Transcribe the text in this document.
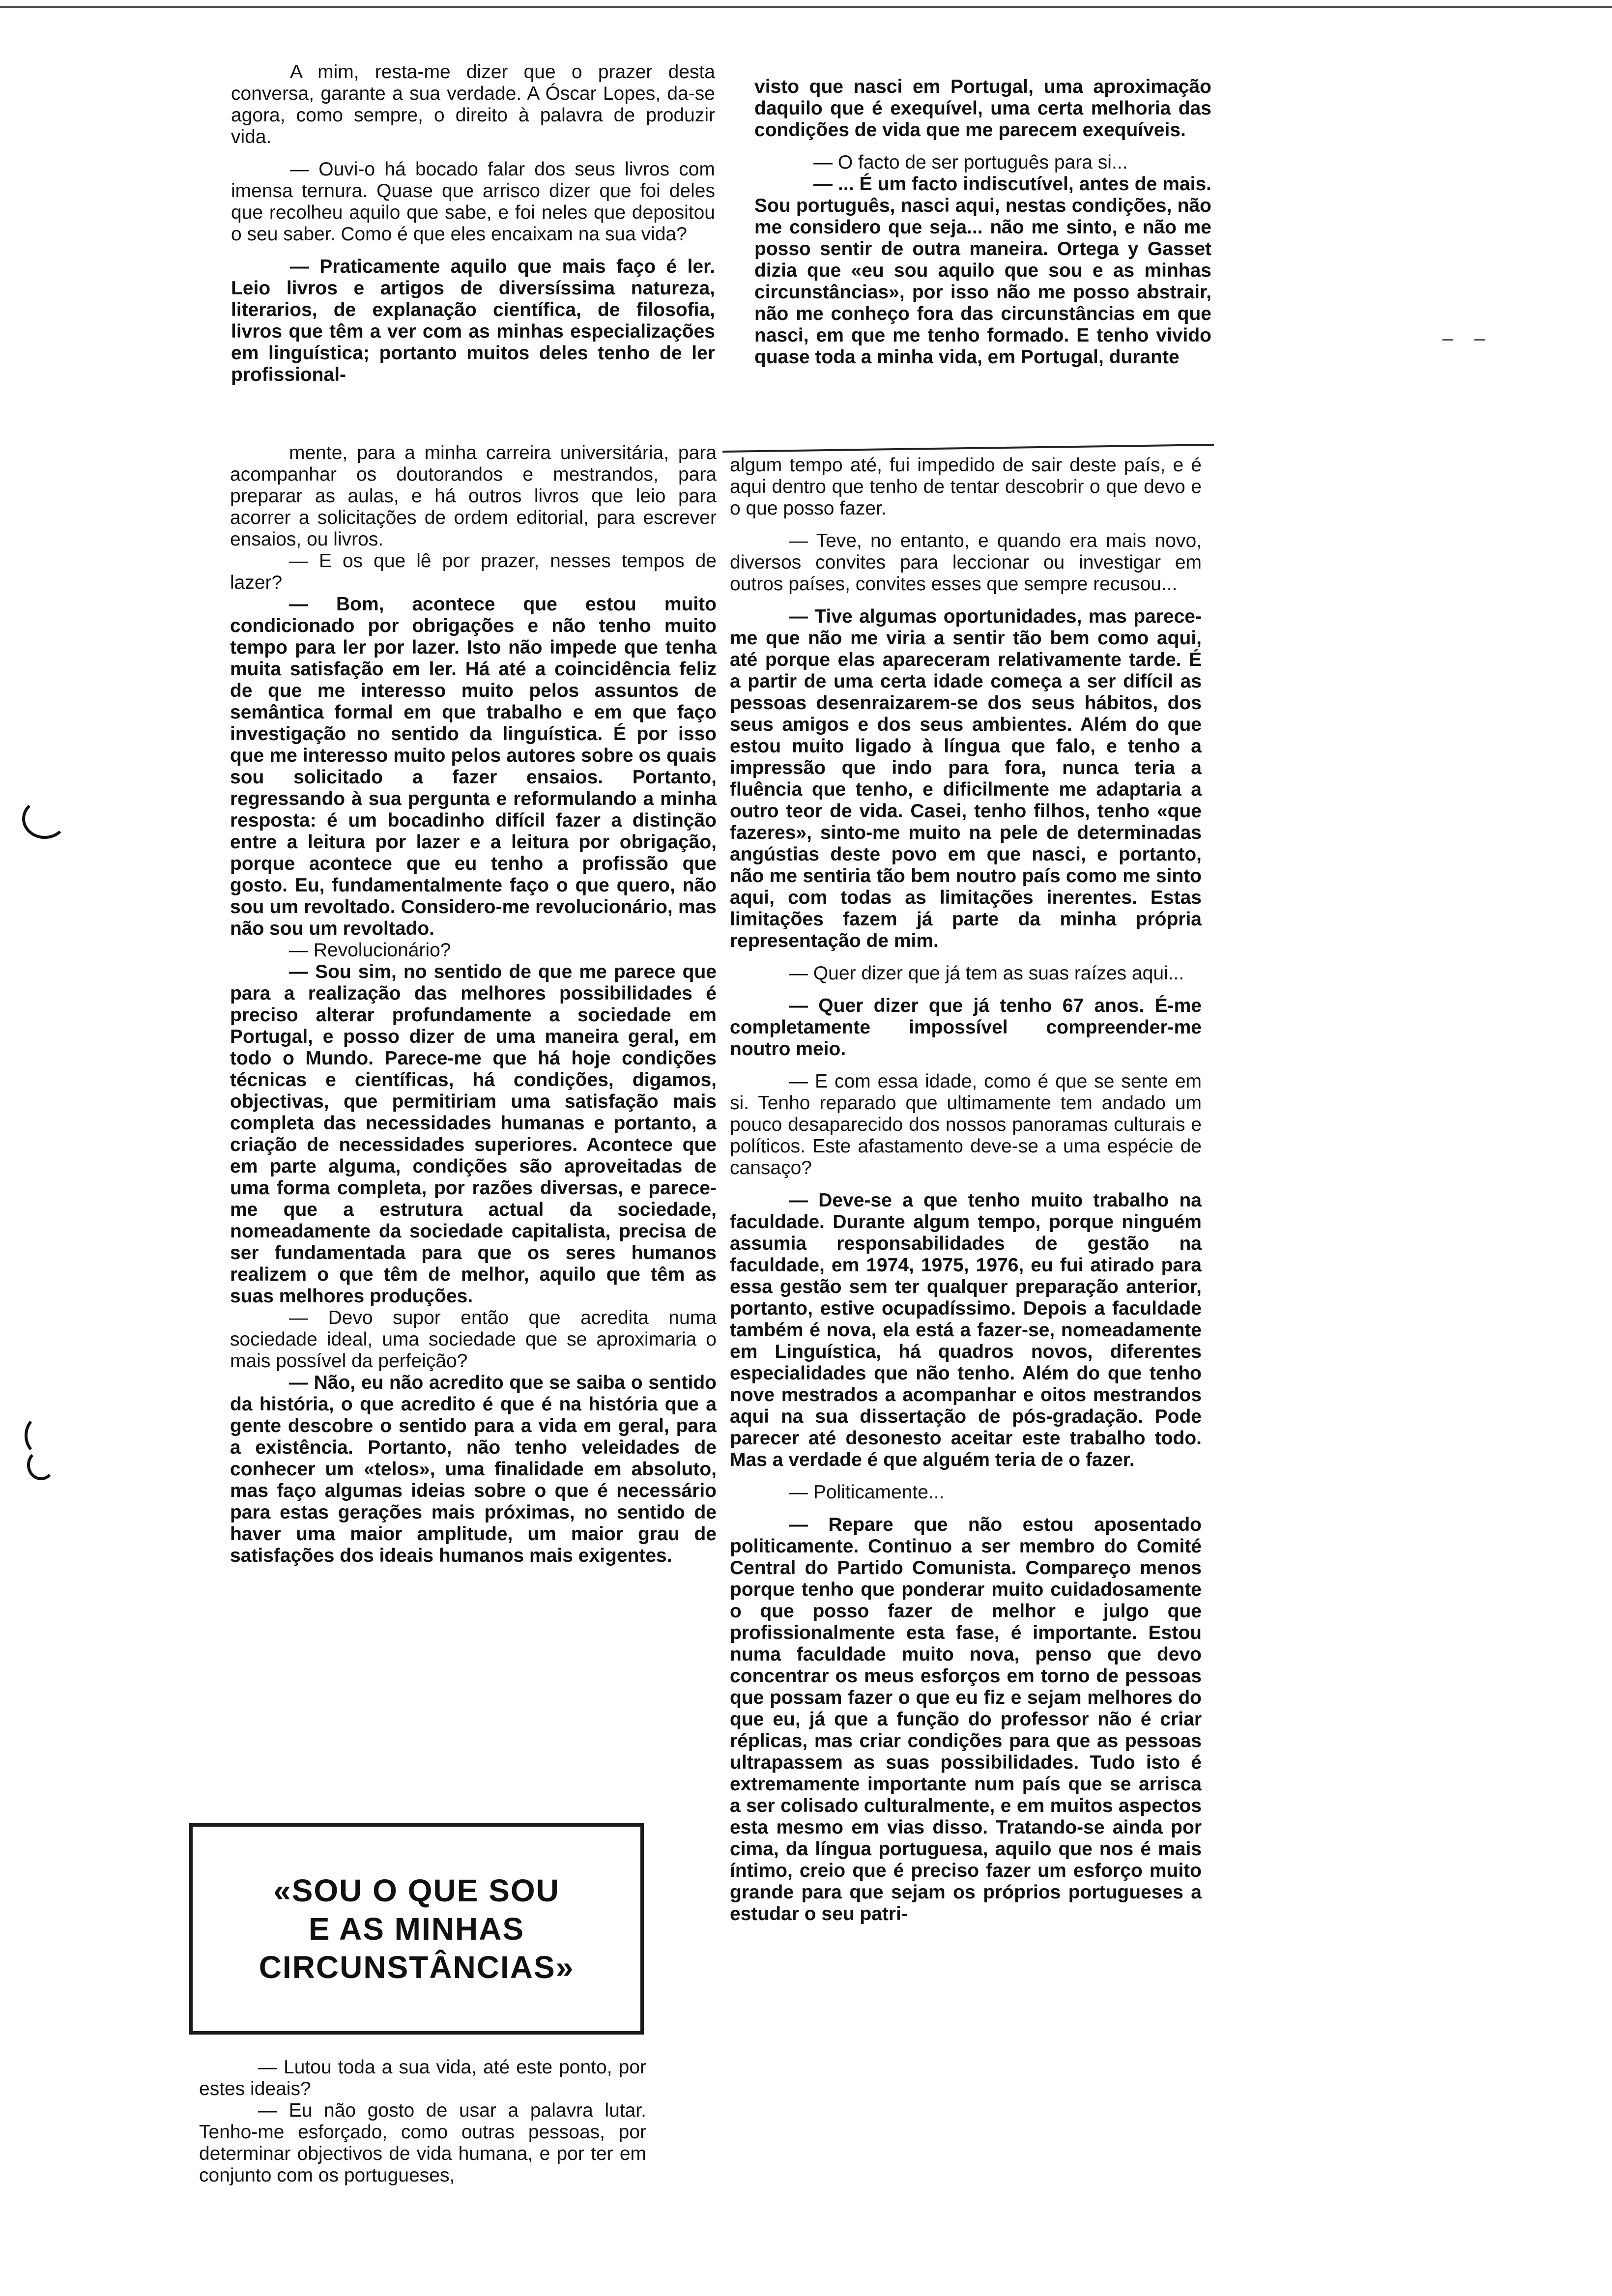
A mim, resta-me dizer que o prazer desta conversa, garante a sua verdade. A Óscar Lopes, da-se agora, como sempre, o direito à palavra de produzir vida.

— Ouvi-o há bocado falar dos seus livros com imensa ternura. Quase que arrisco dizer que foi deles que recolheu aquilo que sabe, e foi neles que depositou o seu saber. Como é que eles encaixam na sua vida?

— Praticamente aquilo que mais faço é ler. Leio livros e artigos de diversíssima natureza, literarios, de explanação científica, de filosofia, livros que têm a ver com as minhas especializações em linguística; portanto muitos deles tenho de ler profissional-

mente, para a minha carreira universitária, para acompanhar os doutorandos e mestrandos, para preparar as aulas, e há outros livros que leio para acorrer a solicitações de ordem editorial, para escrever ensaios, ou livros.

— E os que lê por prazer, nesses tempos de lazer?

— Bom, acontece que estou muito condicionado por obrigações e não tenho muito tempo para ler por lazer. Isto não impede que tenha muita satisfação em ler. Há até a coincidência feliz de que me interesso muito pelos assuntos de semântica formal em que trabalho e em que faço investigação no sentido da linguística. É por isso que me interesso muito pelos autores sobre os quais sou solicitado a fazer ensaios. Portanto, regressando à sua pergunta e reformulando a minha resposta: é um bocadinho difícil fazer a distinção entre a leitura por lazer e a leitura por obrigação, porque acontece que eu tenho a profissão que gosto. Eu, fundamentalmente faço o que quero, não sou um revoltado. Considero-me revolucionário, mas não sou um revoltado.

— Revolucionário?

— Sou sim, no sentido de que me parece que para a realização das melhores possibilidades é preciso alterar profundamente a sociedade em Portugal, e posso dizer de uma maneira geral, em todo o Mundo. Parece-me que há hoje condições técnicas e científicas, há condições, digamos, objectivas, que permitiriam uma satisfação mais completa das necessidades humanas e portanto, a criação de necessidades superiores. Acontece que em parte alguma, condições são aproveitadas de uma forma completa, por razões diversas, e parece-me que a estrutura actual da sociedade, nomeadamente da sociedade capitalista, precisa de ser fundamentada para que os seres humanos realizem o que têm de melhor, aquilo que têm as suas melhores produções.

— Devo supor então que acredita numa sociedade ideal, uma sociedade que se aproximaria o mais possível da perfeição?

— Não, eu não acredito que se saiba o sentido da história, o que acredito é que é na história que a gente descobre o sentido para a vida em geral, para a existência. Portanto, não tenho veleidades de conhecer um «telos», uma finalidade em absoluto, mas faço algumas ideias sobre o que é necessário para estas gerações mais próximas, no sentido de haver uma maior amplitude, um maior grau de satisfações dos ideais humanos mais exigentes.

«SOU O QUE SOU
E AS MINHAS
CIRCUNSTÂNCIAS»

— Lutou toda a sua vida, até este ponto, por estes ideais?

— Eu não gosto de usar a palavra lutar. Tenho-me esforçado, como outras pessoas, por determinar objectivos de vida humana, e por ter em conjunto com os portugueses,

visto que nasci em Portugal, uma aproximação daquilo que é exequível, uma certa melhoria das condições de vida que me parecem exequíveis.

— O facto de ser português para si...

— ... É um facto indiscutível, antes de mais. Sou português, nasci aqui, nestas condições, não me considero que seja... não me sinto, e não me posso sentir de outra maneira. Ortega y Gasset dizia que «eu sou aquilo que sou e as minhas circunstâncias», por isso não me posso abstrair, não me conheço fora das circunstâncias em que nasci, em que me tenho formado. E tenho vivido quase toda a minha vida, em Portugal, durante

algum tempo até, fui impedido de sair deste país, e é aqui dentro que tenho de tentar descobrir o que devo e o que posso fazer.

— Teve, no entanto, e quando era mais novo, diversos convites para leccionar ou investigar em outros países, convites esses que sempre recusou...

— Tive algumas oportunidades, mas parece-me que não me viria a sentir tão bem como aqui, até porque elas apareceram relativamente tarde. É a partir de uma certa idade começa a ser difícil as pessoas desenraizarem-se dos seus hábitos, dos seus amigos e dos seus ambientes. Além do que estou muito ligado à língua que falo, e tenho a impressão que indo para fora, nunca teria a fluência que tenho, e dificilmente me adaptaria a outro teor de vida. Casei, tenho filhos, tenho «que fazeres», sinto-me muito na pele de determinadas angústias deste povo em que nasci, e portanto, não me sentiria tão bem noutro país como me sinto aqui, com todas as limitações inerentes. Estas limitações fazem já parte da minha própria representação de mim.

— Quer dizer que já tem as suas raízes aqui...

— Quer dizer que já tenho 67 anos. É-me completamente impossível compreender-me noutro meio.

— E com essa idade, como é que se sente em si. Tenho reparado que ultimamente tem andado um pouco desaparecido dos nossos panoramas culturais e políticos. Este afastamento deve-se a uma espécie de cansaço?

— Deve-se a que tenho muito trabalho na faculdade. Durante algum tempo, porque ninguém assumia responsabilidades de gestão na faculdade, em 1974, 1975, 1976, eu fui atirado para essa gestão sem ter qualquer preparação anterior, portanto, estive ocupadíssimo. Depois a faculdade também é nova, ela está a fazer-se, nomeadamente em Linguística, há quadros novos, diferentes especialidades que não tenho. Além do que tenho nove mestrados a acompanhar e oitos mestrandos aqui na sua dissertação de pós-gradação. Pode parecer até desonesto aceitar este trabalho todo. Mas a verdade é que alguém teria de o fazer.

— Politicamente...

— Repare que não estou aposentado politicamente. Continuo a ser membro do Comité Central do Partido Comunista. Compareço menos porque tenho que ponderar muito cuidadosamente o que posso fazer de melhor e julgo que profissionalmente esta fase, é importante. Estou numa faculdade muito nova, penso que devo concentrar os meus esforços em torno de pessoas que possam fazer o que eu fiz e sejam melhores do que eu, já que a função do professor não é criar réplicas, mas criar condições para que as pessoas ultrapassem as suas possibilidades. Tudo isto é extremamente importante num país que se arrisca a ser colisado culturalmente, e em muitos aspectos esta mesmo em vias disso. Tratando-se ainda por cima, da língua portuguesa, aquilo que nos é mais íntimo, creio que é preciso fazer um esforço muito grande para que sejam os próprios portugueses a estudar o seu patri-
